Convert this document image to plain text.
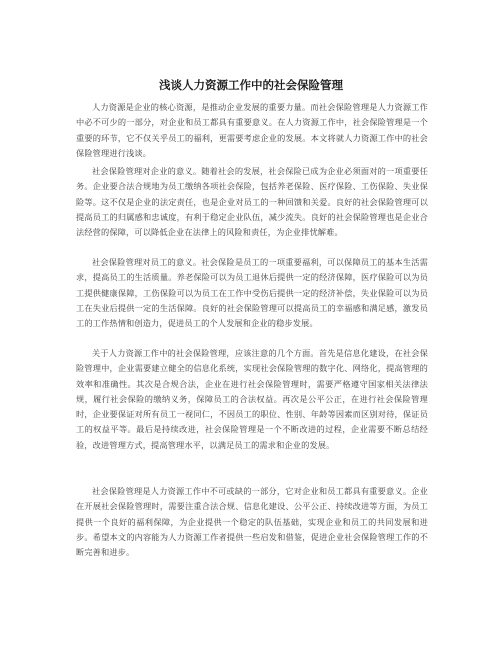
浅谈人力资源工作中的社会保险管理

人力资源是企业的核心资源，是推动企业发展的重要力量。而社会保险管理是人力资源工作中必不可少的一部分，对企业和员工都具有重要意义。在人力资源工作中，社会保险管理是一个重要的环节，它不仅关乎员工的福利，更需要考虑企业的发展。本文将就人力资源工作中的社会保险管理进行浅谈。

社会保险管理对企业的意义。随着社会的发展，社会保险已成为企业必须面对的一项重要任务。企业要合法合规地为员工缴纳各项社会保险，包括养老保险、医疗保险、工伤保险、失业保险等。这不仅是企业的法定责任，也是企业对员工的一种回馈和关爱。良好的社会保险管理可以提高员工的归属感和忠诚度，有利于稳定企业队伍，减少流失。良好的社会保险管理也是企业合法经营的保障，可以降低企业在法律上的风险和责任，为企业排忧解难。

社会保险管理对员工的意义。社会保险是员工的一项重要福利，可以保障员工的基本生活需求，提高员工的生活质量。养老保险可以为员工退休后提供一定的经济保障，医疗保险可以为员工提供健康保障，工伤保险可以为员工在工作中受伤后提供一定的经济补偿，失业保险可以为员工在失业后提供一定的生活保障。良好的社会保险管理可以提高员工的幸福感和满足感，激发员工的工作热情和创造力，促进员工的个人发展和企业的稳步发展。

关于人力资源工作中的社会保险管理，应该注意的几个方面。首先是信息化建设，在社会保险管理中，企业需要建立健全的信息化系统，实现社会保险管理的数字化、网络化，提高管理的效率和准确性。其次是合规合法，企业在进行社会保险管理时，需要严格遵守国家相关法律法规，履行社会保险的缴纳义务，保障员工的合法权益。再次是公平公正，在进行社会保险管理时，企业要保证对所有员工一视同仁，不因员工的职位、性别、年龄等因素而区别对待，保证员工的权益平等。最后是持续改进，社会保险管理是一个不断改进的过程，企业需要不断总结经验，改进管理方式，提高管理水平，以满足员工的需求和企业的发展。

社会保险管理是人力资源工作中不可或缺的一部分，它对企业和员工都具有重要意义。企业在开展社会保险管理时，需要注重合法合规、信息化建设、公平公正、持续改进等方面，为员工提供一个良好的福利保障，为企业提供一个稳定的队伍基础，实现企业和员工的共同发展和进步。希望本文的内容能为人力资源工作者提供一些启发和借鉴，促进企业社会保险管理工作的不断完善和进步。
